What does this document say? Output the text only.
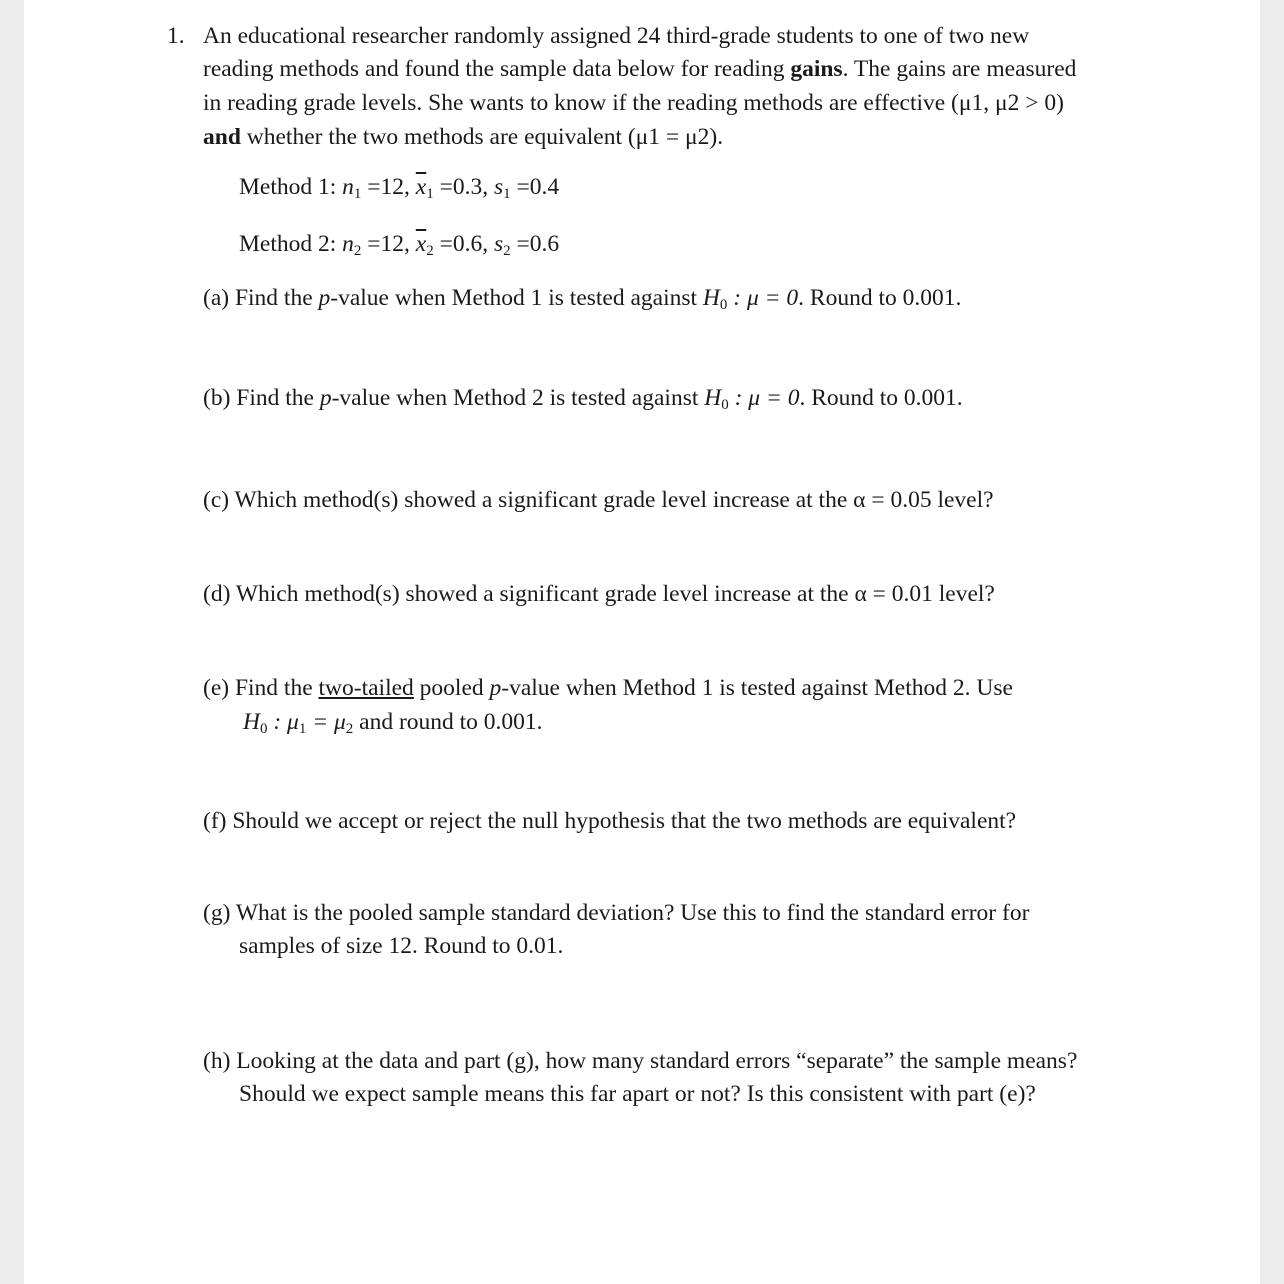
1. An educational researcher randomly assigned 24 third-grade students to one of two new
reading methods and found the sample data below for reading gains. The gains are measured
in reading grade levels. She wants to know if the reading methods are effective (μ1, μ2 > 0)
and whether the two methods are equivalent (μ1 = μ2).
Method 1: $n_1 =12$, $\overline{x}_1 =0.3$, $s_1 =0.4$
Method 2: $n_2 =12$, $\overline{x}_2 =0.6$, $s_2 =0.6$
(a) Find the p-value when Method 1 is tested against $H_0$ : μ = 0. Round to 0.001.
(b) Find the p-value when Method 2 is tested against $H_0$ : μ = 0. Round to 0.001.
(c) Which method(s) showed a significant grade level increase at the α = 0.05 level?
(d) Which method(s) showed a significant grade level increase at the α = 0.01 level?
(e) Find the two-tailed pooled p-value when Method 1 is tested against Method 2. Use
$H_0$ : $\mu_1 = \mu_2$ and round to 0.001.
(f) Should we accept or reject the null hypothesis that the two methods are equivalent?
(g) What is the pooled sample standard deviation? Use this to find the standard error for
samples of size 12. Round to 0.01.
(h) Looking at the data and part (g), how many standard errors “separate” the sample means?
Should we expect sample means this far apart or not? Is this consistent with part (e)?
